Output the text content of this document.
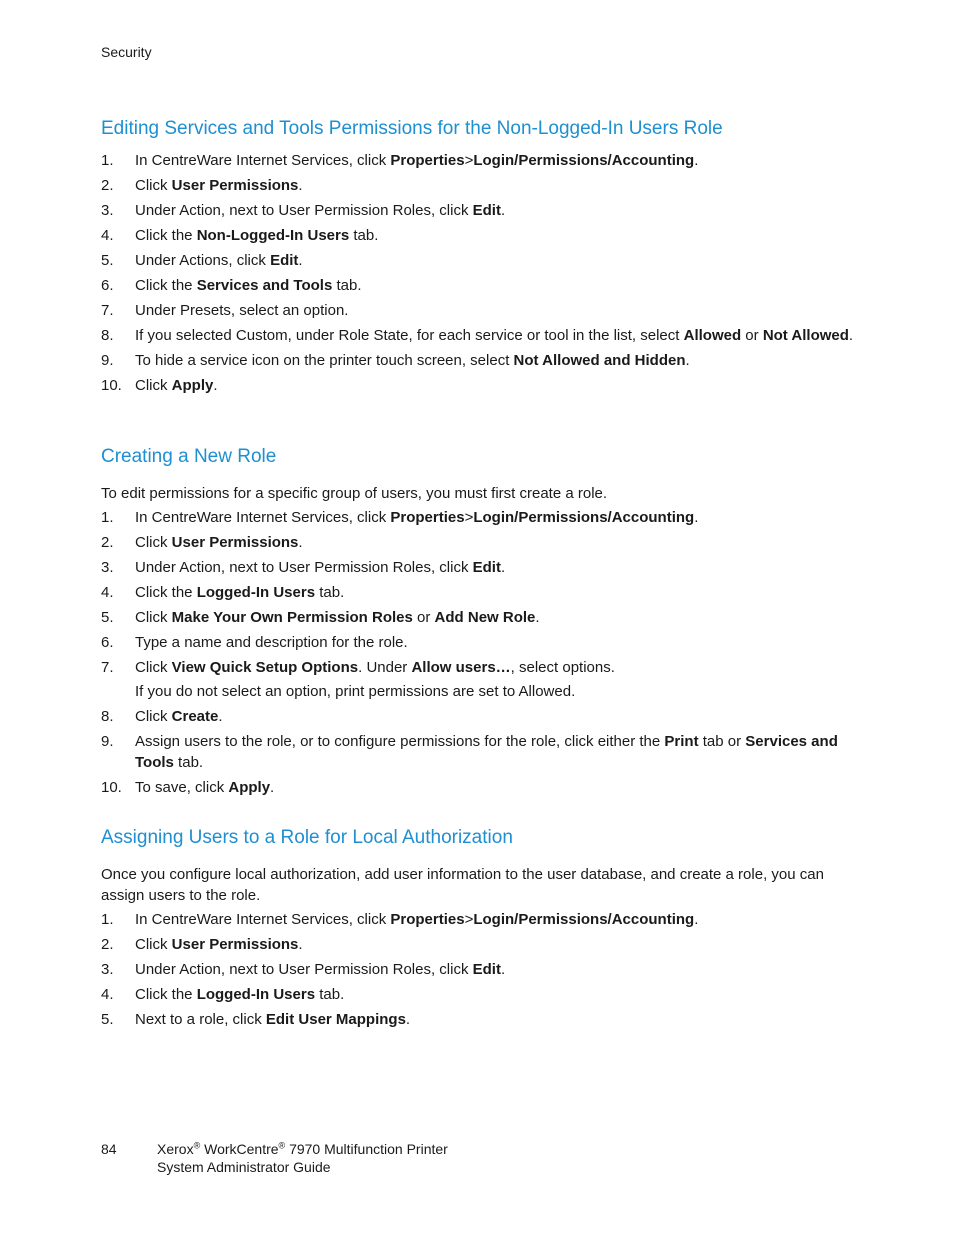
Security
Editing Services and Tools Permissions for the Non-Logged-In Users Role
1. In CentreWare Internet Services, click Properties>Login/Permissions/Accounting.
2. Click User Permissions.
3. Under Action, next to User Permission Roles, click Edit.
4. Click the Non-Logged-In Users tab.
5. Under Actions, click Edit.
6. Click the Services and Tools tab.
7. Under Presets, select an option.
8. If you selected Custom, under Role State, for each service or tool in the list, select Allowed or Not Allowed.
9. To hide a service icon on the printer touch screen, select Not Allowed and Hidden.
10. Click Apply.
Creating a New Role

To edit permissions for a specific group of users, you must first create a role.

1. In CentreWare Internet Services, click Properties>Login/Permissions/Accounting.
2. Click User Permissions.
3. Under Action, next to User Permission Roles, click Edit.
4. Click the Logged-In Users tab.
5. Click Make Your Own Permission Roles or Add New Role.
6. Type a name and description for the role.
7. Click View Quick Setup Options. Under Allow users…, select options.
If you do not select an option, print permissions are set to Allowed.
8. Click Create.
9. Assign users to the role, or to configure permissions for the role, click either the Print tab or Services and Tools tab.
10. To save, click Apply.
Assigning Users to a Role for Local Authorization

Once you configure local authorization, add user information to the user database, and create a role, you can assign users to the role.

1. In CentreWare Internet Services, click Properties>Login/Permissions/Accounting.
2. Click User Permissions.
3. Under Action, next to User Permission Roles, click Edit.
4. Click the Logged-In Users tab.
5. Next to a role, click Edit User Mappings.
84	Xerox® WorkCentre® 7970 Multifunction Printer
System Administrator Guide
